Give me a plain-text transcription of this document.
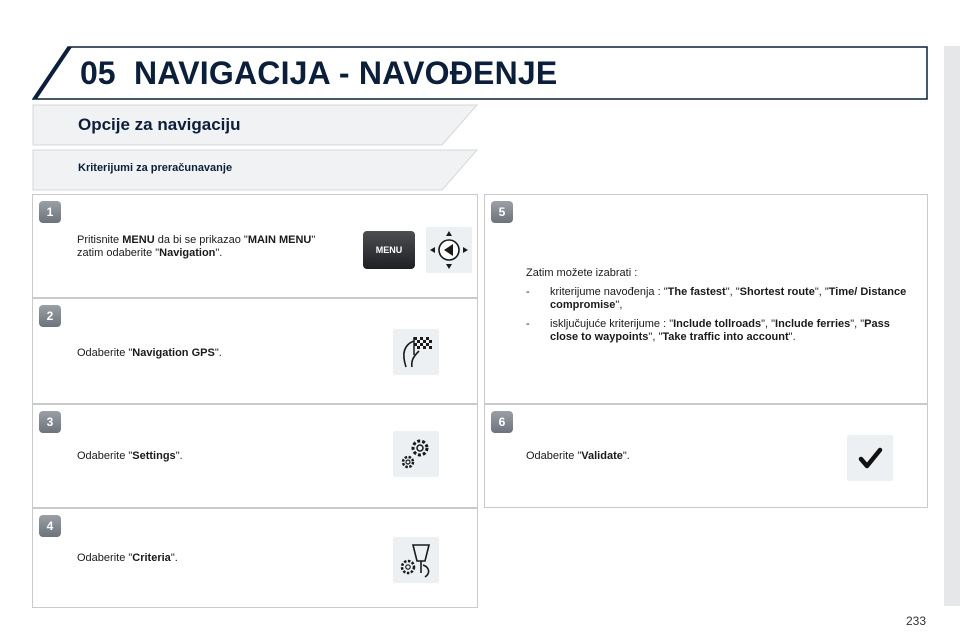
05 NAVIGACIJA - NAVOĐENJE
Opcije za navigaciju
Kriterijumi za preračunavanje
1
Pritisnite MENU da bi se prikazao "MAIN MENU" zatim odaberite "Navigation".	MENU
2
Odaberite "Navigation GPS".
3
Odaberite "Settings".
4
Odaberite "Criteria".
5
Zatim možete izabrati :
- kriterijume navođenja : "The fastest", "Shortest route", "Time/ Distance compromise",
- isključujuće kriterijume : "Include tollroads", "Include ferries", "Pass close to waypoints", "Take traffic into account".
6
Odaberite "Validate".
233
